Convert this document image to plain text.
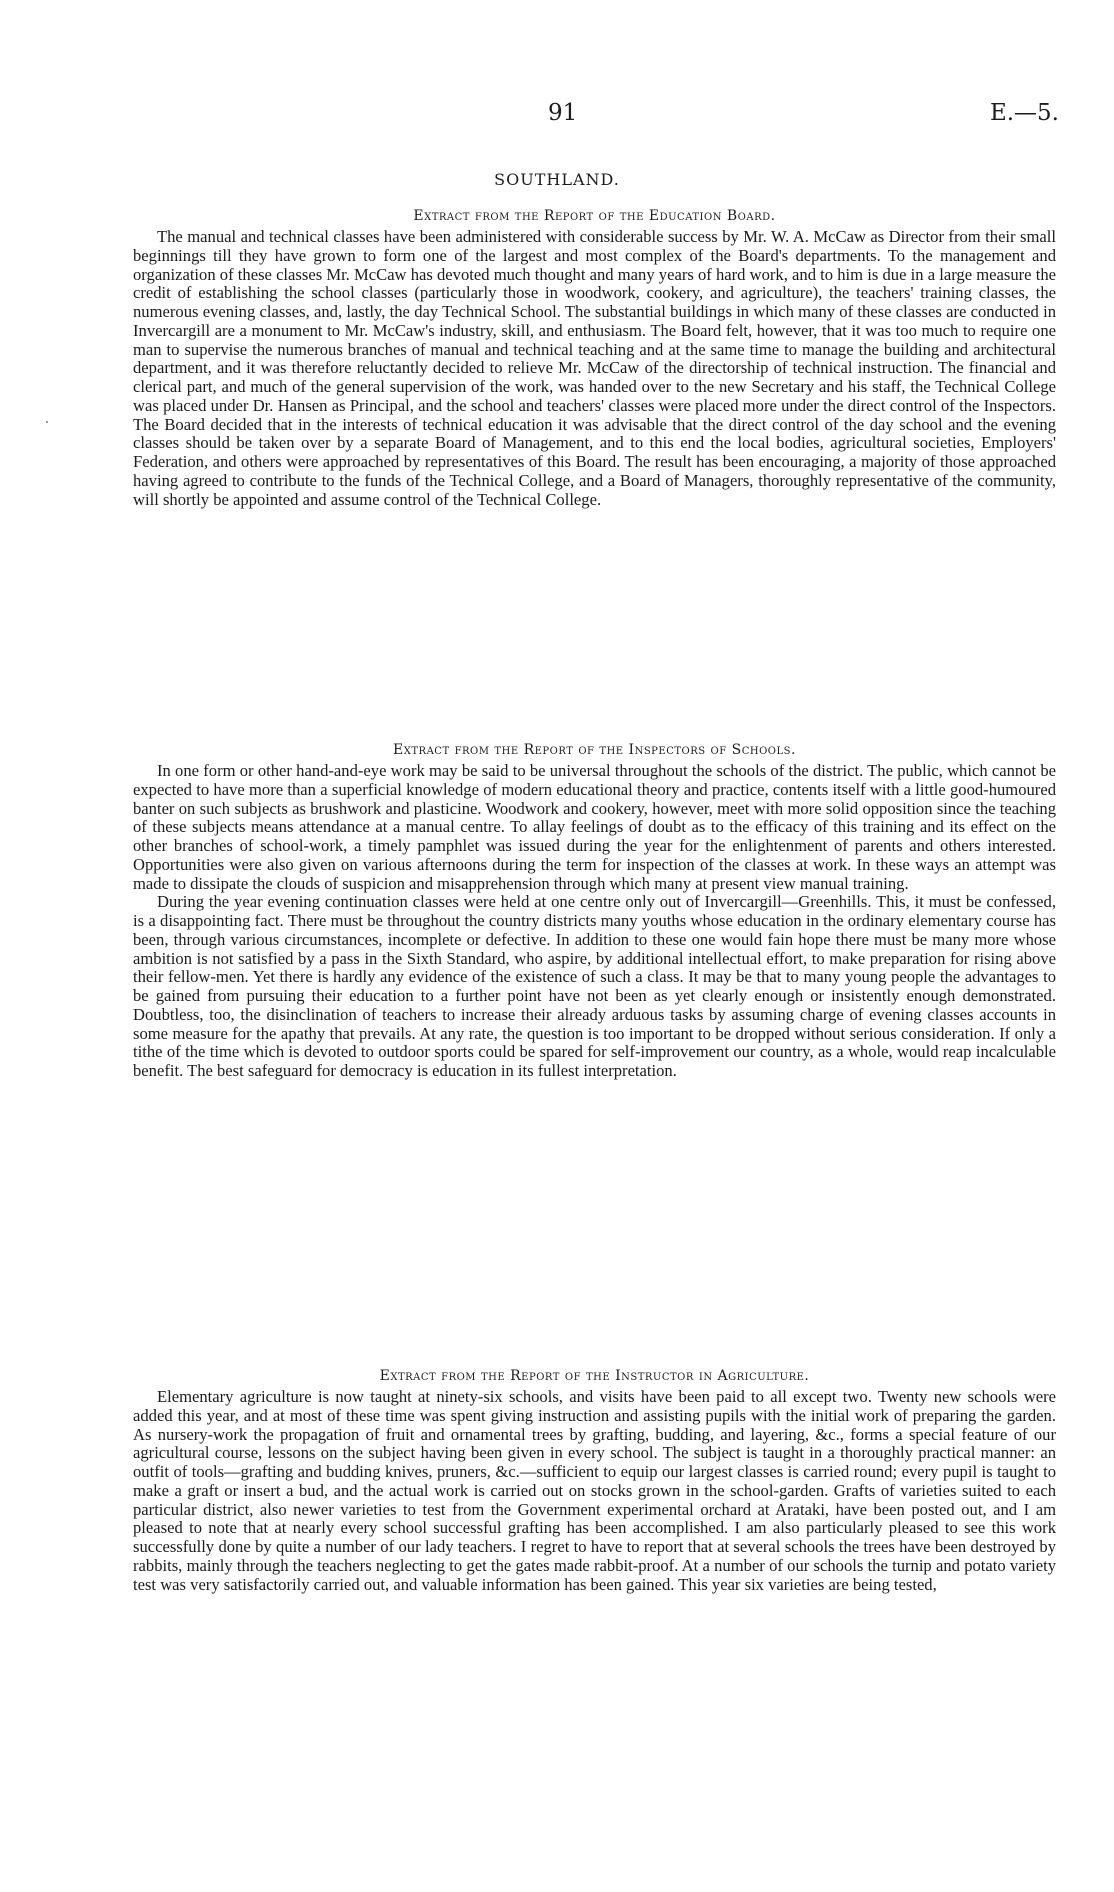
91	E.—5.
SOUTHLAND.
Extract from the Report of the Education Board.

The manual and technical classes have been administered with considerable success by Mr. W. A. McCaw as Director from their small beginnings till they have grown to form one of the largest and most complex of the Board's departments. To the management and organization of these classes Mr. McCaw has devoted much thought and many years of hard work, and to him is due in a large measure the credit of establishing the school classes (particularly those in woodwork, cookery, and agriculture), the teachers' training classes, the numerous evening classes, and, lastly, the day Technical School. The substantial buildings in which many of these classes are conducted in Invercargill are a monument to Mr. McCaw's industry, skill, and enthusiasm. The Board felt, however, that it was too much to require one man to supervise the numerous branches of manual and technical teaching and at the same time to manage the building and architectural department, and it was therefore reluctantly decided to relieve Mr. McCaw of the directorship of technical instruction. The financial and clerical part, and much of the general supervision of the work, was handed over to the new Secretary and his staff, the Technical College was placed under Dr. Hansen as Principal, and the school and teachers' classes were placed more under the direct control of the Inspectors. The Board decided that in the interests of technical education it was advisable that the direct control of the day school and the evening classes should be taken over by a separate Board of Management, and to this end the local bodies, agricultural societies, Employers' Federation, and others were approached by representatives of this Board. The result has been encouraging, a majority of those approached having agreed to contribute to the funds of the Technical College, and a Board of Managers, thoroughly representative of the community, will shortly be appointed and assume control of the Technical College.

Extract from the Report of the Inspectors of Schools.

In one form or other hand-and-eye work may be said to be universal throughout the schools of the district. The public, which cannot be expected to have more than a superficial knowledge of modern educational theory and practice, contents itself with a little good-humoured banter on such subjects as brushwork and plasticine. Woodwork and cookery, however, meet with more solid opposition since the teaching of these subjects means attendance at a manual centre. To allay feelings of doubt as to the efficacy of this training and its effect on the other branches of school-work, a timely pamphlet was issued during the year for the enlightenment of parents and others interested. Opportunities were also given on various afternoons during the term for inspection of the classes at work. In these ways an attempt was made to dissipate the clouds of suspicion and misapprehension through which many at present view manual training.

During the year evening continuation classes were held at one centre only out of Invercargill—Greenhills. This, it must be confessed, is a disappointing fact. There must be throughout the country districts many youths whose education in the ordinary elementary course has been, through various circumstances, incomplete or defective. In addition to these one would fain hope there must be many more whose ambition is not satisfied by a pass in the Sixth Standard, who aspire, by additional intellectual effort, to make preparation for rising above their fellow-men. Yet there is hardly any evidence of the existence of such a class. It may be that to many young people the advantages to be gained from pursuing their education to a further point have not been as yet clearly enough or insistently enough demonstrated. Doubtless, too, the disinclination of teachers to increase their already arduous tasks by assuming charge of evening classes accounts in some measure for the apathy that prevails. At any rate, the question is too important to be dropped without serious consideration. If only a tithe of the time which is devoted to outdoor sports could be spared for self-improvement our country, as a whole, would reap incalculable benefit. The best safeguard for democracy is education in its fullest interpretation.

Extract from the Report of the Instructor in Agriculture.

Elementary agriculture is now taught at ninety-six schools, and visits have been paid to all except two. Twenty new schools were added this year, and at most of these time was spent giving instruction and assisting pupils with the initial work of preparing the garden. As nursery-work the propagation of fruit and ornamental trees by grafting, budding, and layering, &c., forms a special feature of our agricultural course, lessons on the subject having been given in every school. The subject is taught in a thoroughly practical manner: an outfit of tools—grafting and budding knives, pruners, &c.—sufficient to equip our largest classes is carried round; every pupil is taught to make a graft or insert a bud, and the actual work is carried out on stocks grown in the school-garden. Grafts of varieties suited to each particular district, also newer varieties to test from the Government experimental orchard at Arataki, have been posted out, and I am pleased to note that at nearly every school successful grafting has been accomplished. I am also particularly pleased to see this work successfully done by quite a number of our lady teachers. I regret to have to report that at several schools the trees have been destroyed by rabbits, mainly through the teachers neglecting to get the gates made rabbit-proof. At a number of our schools the turnip and potato variety test was very satisfactorily carried out, and valuable information has been gained. This year six varieties are being tested,
